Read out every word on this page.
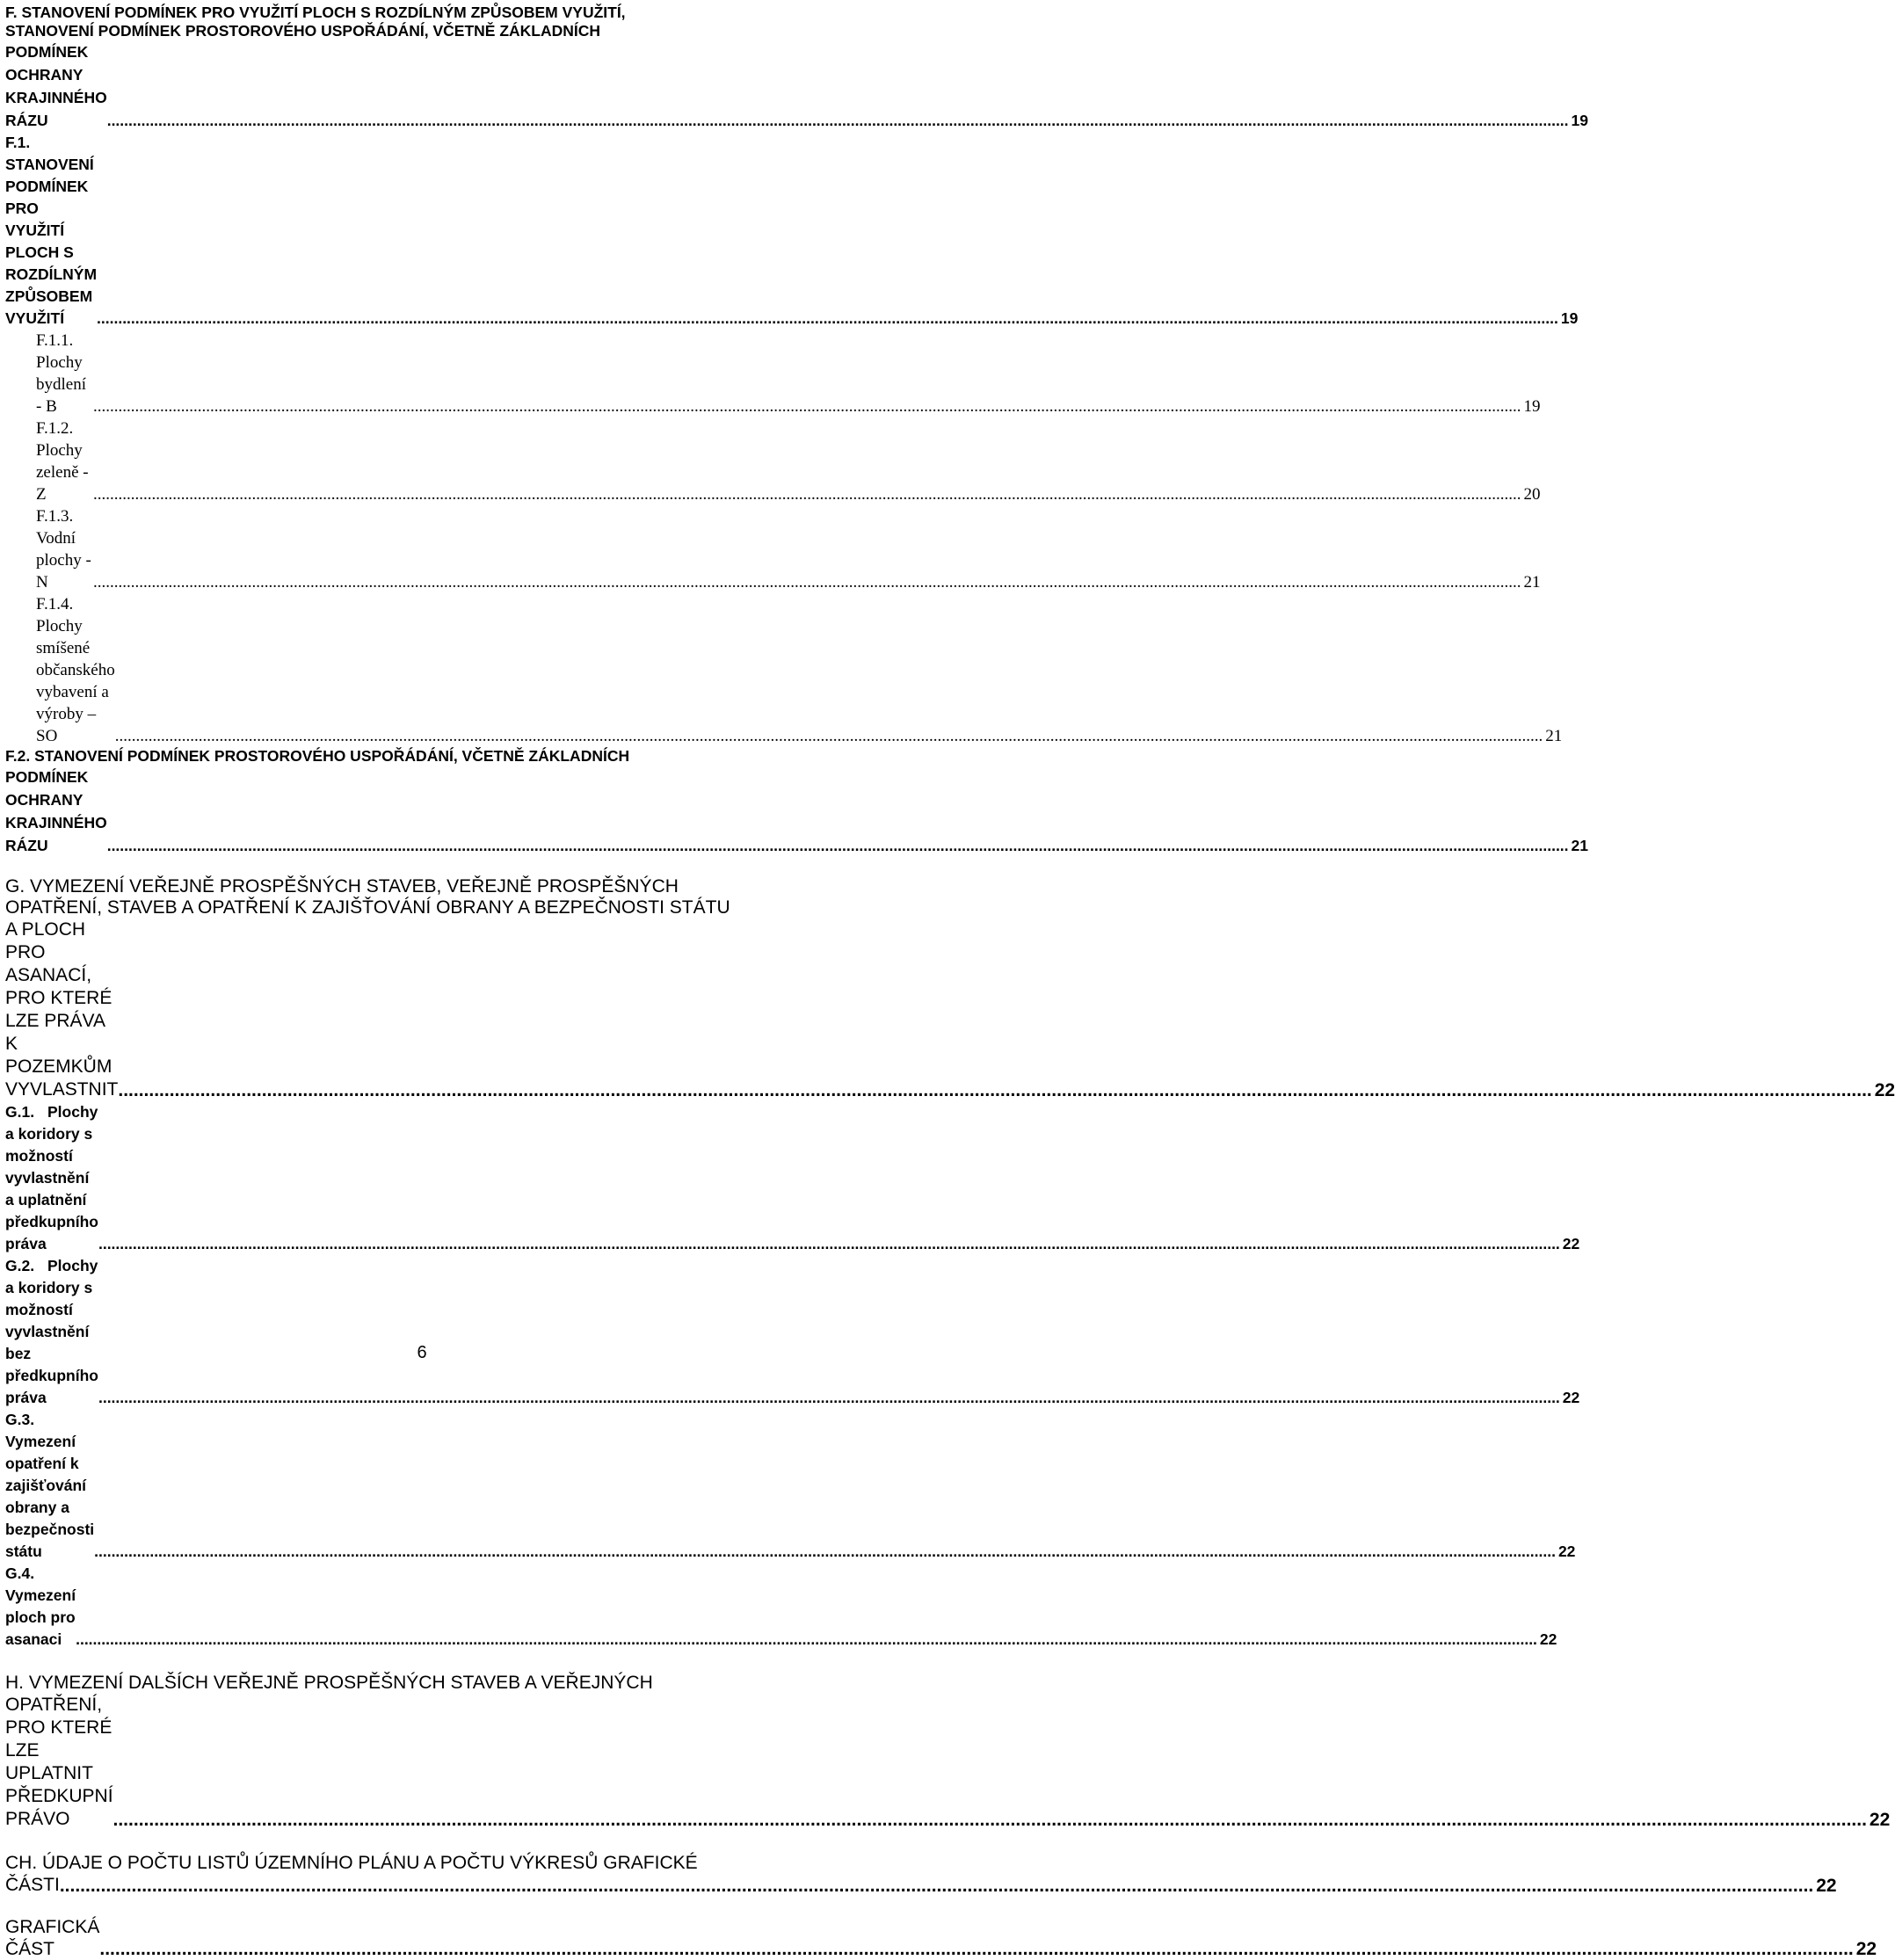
F. STANOVENÍ PODMÍNEK PRO VYUŽITÍ PLOCH S ROZDÍLNÝM ZPŮSOBEM VYUŽITÍ,
STANOVENÍ PODMÍNEK PROSTOROVÉHO USPOŘÁDÁNÍ, VČETNĚ ZÁKLADNÍCH
PODMÍNEK OCHRANY KRAJINNÉHO RÁZU .....	19
F.1. STANOVENÍ PODMÍNEK PRO VYUŽITÍ PLOCH S ROZDÍLNÝM ZPŮSOBEM VYUŽITÍ .....	19
F.1.1.Plochy bydlení - B .....	19
F.1.2.Plochy zeleně - Z .....	20
F.1.3.Vodní plochy - N .....	21
F.1.4.Plochy smíšené občanského vybavení a výroby – SO .....	21
F.2. STANOVENÍ PODMÍNEK PROSTOROVÉHO USPOŘÁDÁNÍ, VČETNĚ ZÁKLADNÍCH
PODMÍNEK OCHRANY KRAJINNÉHO RÁZU .....	21
G. VYMEZENÍ VEŘEJNĚ PROSPĚŠNÝCH STAVEB, VEŘEJNĚ PROSPĚŠNÝCH
OPATŘENÍ, STAVEB A OPATŘENÍ K ZAJIŠŤOVÁNÍ OBRANY A BEZPEČNOSTI STÁTU
A PLOCH PRO ASANACÍ, PRO KTERÉ LZE PRÁVA K POZEMKŮM VYVLASTNIT .....	22
G.1. Plochy a koridory s možností vyvlastnění a uplatnění předkupního práva .....	22
G.2. Plochy a koridory s možností vyvlastnění bez předkupního práva .....	22
G.3.Vymezení opatření k zajišťování obrany a bezpečnosti státu .....	22
G.4.Vymezení ploch pro asanaci .....	22
H. VYMEZENÍ DALŠÍCH VEŘEJNĚ PROSPĚŠNÝCH STAVEB A VEŘEJNÝCH
OPATŘENÍ, PRO KTERÉ LZE UPLATNIT PŘEDKUPNÍ PRÁVO .....	22
CH. ÚDAJE O POČTU LISTŮ ÚZEMNÍHO PLÁNU A POČTU VÝKRESŮ GRAFICKÉ
ČÁSTI .....	22
GRAFICKÁ ČÁST .....	22
6
